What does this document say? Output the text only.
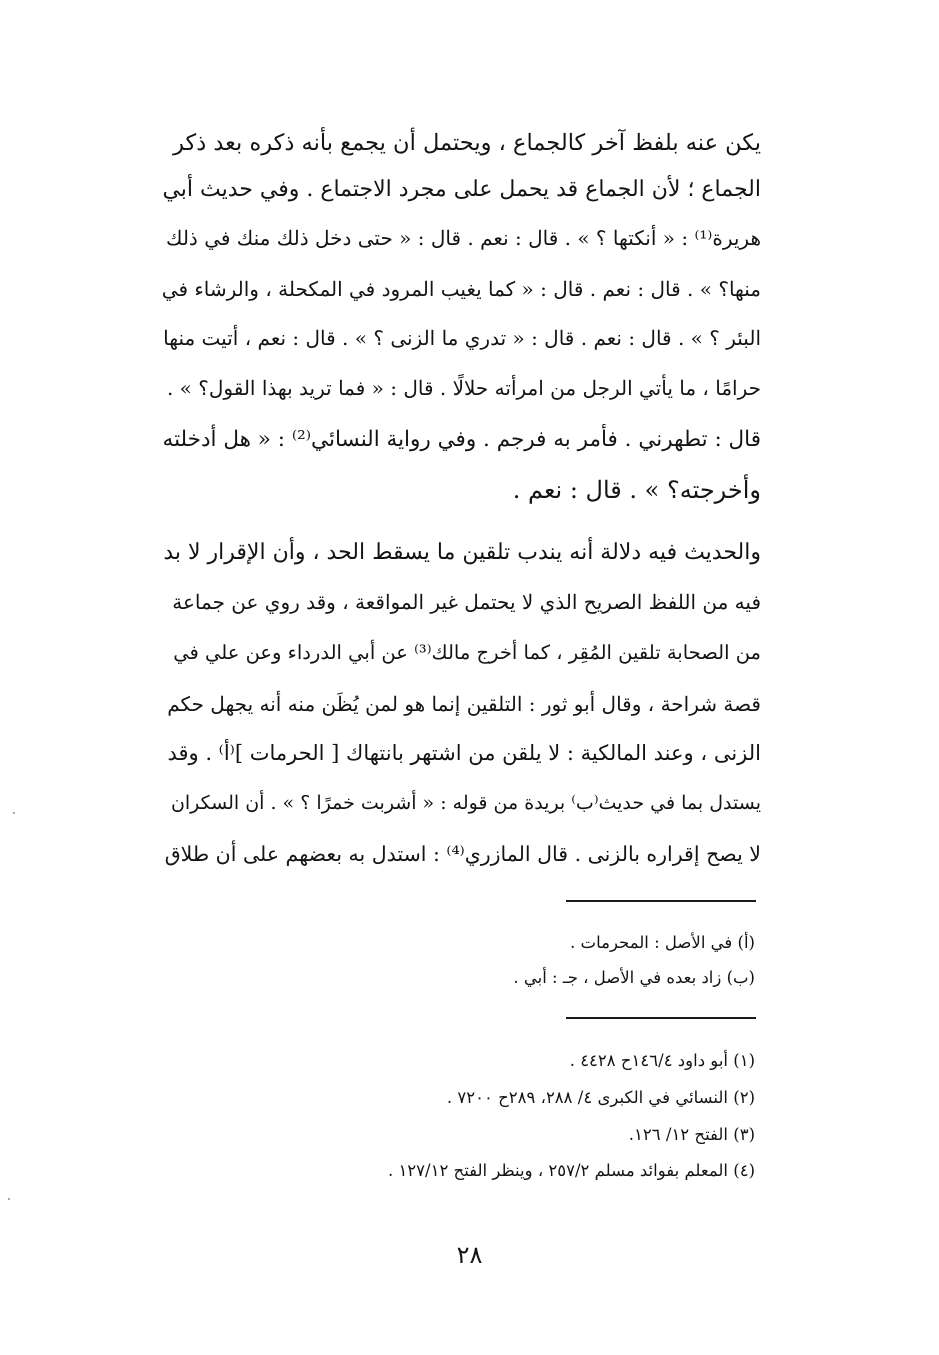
يكن عنه بلفظ آخر كالجماع ، ويحتمل أن يجمع بأنه ذكره بعد ذكر
الجماع ؛ لأن الجماع قد يحمل على مجرد الاجتماع . وفي حديث أبي
هريرة⁽¹⁾ : « أنكتها ؟ » . قال : نعم . قال : « حتى دخل ذلك منك في ذلك
منها؟ » . قال : نعم . قال : « كما يغيب المرود في المكحلة ، والرشاء في
البئر ؟ » . قال : نعم . قال : « تدري ما الزنى ؟ » . قال : نعم ، أتيت منها
حرامًا ، ما يأتي الرجل من امرأته حلالًا . قال : « فما تريد بهذا القول؟ » .
قال : تطهرني . فأمر به فرجم . وفي رواية النسائي⁽²⁾ : « هل أدخلته
وأخرجته؟ » . قال : نعم .
والحديث فيه دلالة أنه يندب تلقين ما يسقط الحد ، وأن الإقرار لا بد
فيه من اللفظ الصريح الذي لا يحتمل غير المواقعة ، وقد روي عن جماعة
من الصحابة تلقين المُقِر ، كما أخرج مالك⁽³⁾ عن أبي الدرداء وعن علي في
قصة شراحة ، وقال أبو ثور : التلقين إنما هو لمن يُظَن منه أنه يجهل حكم
الزنى ، وعند المالكية : لا يلقن من اشتهر بانتهاك [ الحرمات ]⁽أ⁾ . وقد
يستدل بما في حديث⁽ب⁾ بريدة من قوله : « أشربت خمرًا ؟ » . أن السكران
لا يصح إقراره بالزنى . قال المازري⁽⁴⁾ : استدل به بعضهم على أن طلاق
(أ) في الأصل : المحرمات .
(ب) زاد بعده في الأصل ، جـ : أبي .
(١) أبو داود ١٤٦/٤ح ٤٤٢٨ .
(٢) النسائي في الكبرى ٤/ ٢٨٨، ٢٨٩ح ٧٢٠٠ .
(٣) الفتح ١٢/ ١٢٦.
(٤) المعلم بفوائد مسلم ٢٥٧/٢ ، وينظر الفتح ١٢٧/١٢ .
٢٨
